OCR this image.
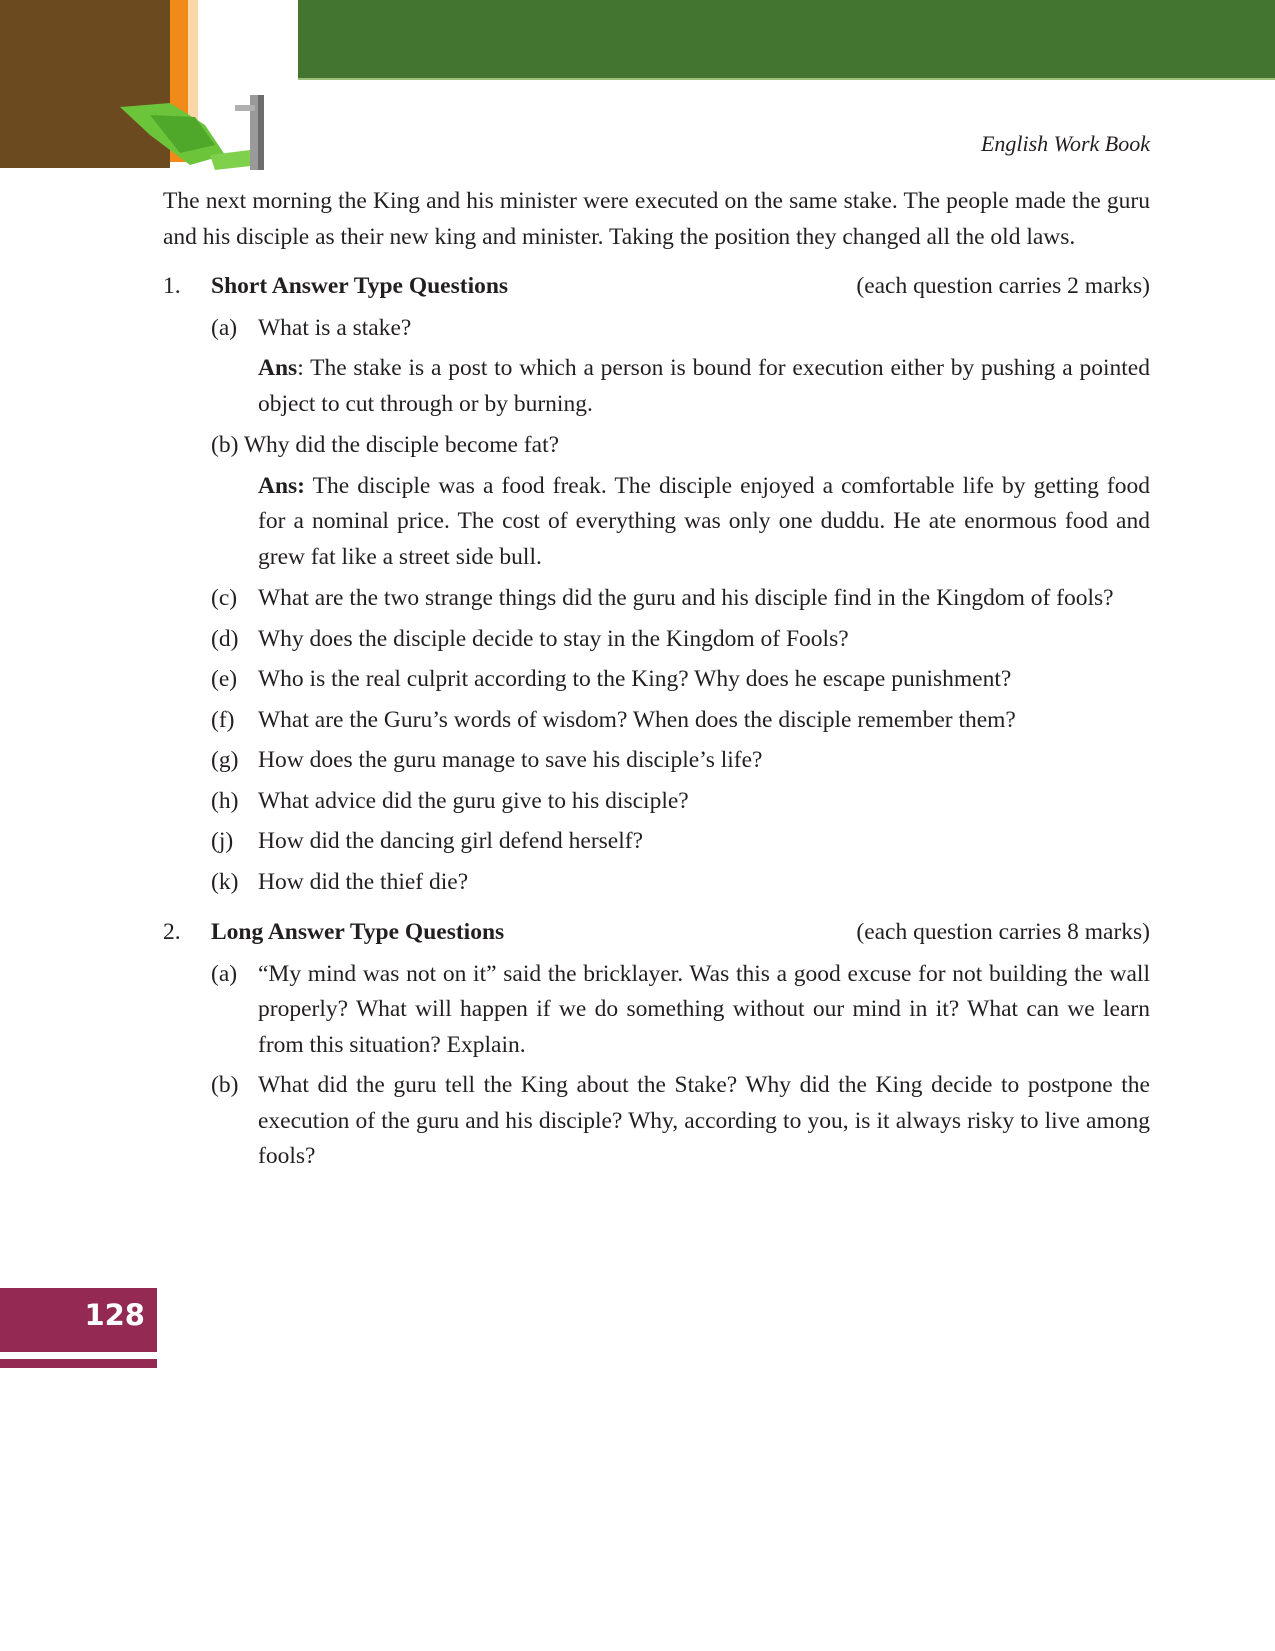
English Work Book

The next morning the King and his minister were executed on the same stake. The people made the guru and his disciple as their new king and minister. Taking the position they changed all the old laws.

1.	Short Answer Type Questions	(each question carries 2 marks)
(a) What is a stake?
Ans: The stake is a post to which a person is bound for execution either by pushing a pointed object to cut through or by burning.
(b) Why did the disciple become fat?
Ans: The disciple was a food freak. The disciple enjoyed a comfortable life by getting food for a nominal price. The cost of everything was only one duddu. He ate enormous food and grew fat like a street side bull.
(c) What are the two strange things did the guru and his disciple find in the Kingdom of fools?
(d) Why does the disciple decide to stay in the Kingdom of Fools?
(e) Who is the real culprit according to the King? Why does he escape punishment?
(f)	What are the Guru’s words of wisdom? When does the disciple remember them?
(g) How does the guru manage to save his disciple’s life?
(h) What advice did the guru give to his disciple?
(j)	How did the dancing girl defend herself?
(k) How did the thief die?
2.	Long Answer Type Questions	(each question carries 8 marks)
(a) “My mind was not on it” said the bricklayer. Was this a good excuse for not building the wall properly? What will happen if we do something without our mind in it? What can we learn from this situation? Explain.
(b) What did the guru tell the King about the Stake? Why did the King decide to postpone the execution of the guru and his disciple? Why, according to you, is it always risky to live among fools?
128
